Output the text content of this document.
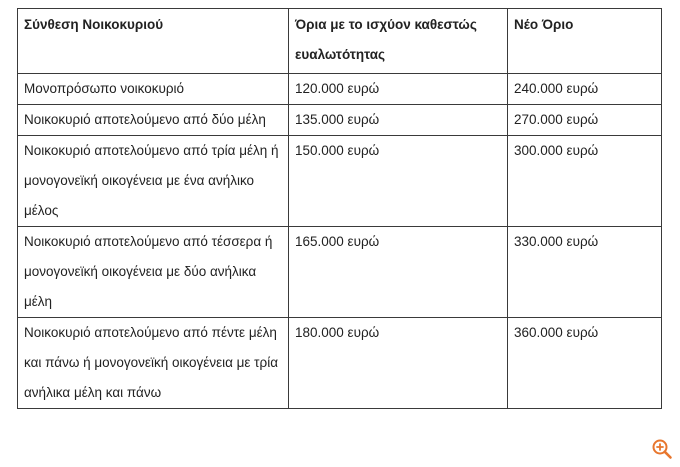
Σύνθεση Νοικοκυριού	Όρια με το ισχύον καθεστώς ευαλωτότητας	Νέο Όριο
Μονοπρόσωπο νοικοκυριό	120.000 ευρώ	240.000 ευρώ
Νοικοκυριό αποτελούμενο από δύο μέλη	135.000 ευρώ	270.000 ευρώ
Νοικοκυριό αποτελούμενο από τρία μέλη ή μονογονεϊκή οικογένεια με ένα ανήλικο μέλος	150.000 ευρώ	300.000 ευρώ
Νοικοκυριό αποτελούμενο από τέσσερα ή μονογονεϊκή οικογένεια με δύο ανήλικα μέλη	165.000 ευρώ	330.000 ευρώ
Νοικοκυριό αποτελούμενο από πέντε μέλη και πάνω ή μονογονεϊκή οικογένεια με τρία ανήλικα μέλη και πάνω	180.000 ευρώ	360.000 ευρώ
